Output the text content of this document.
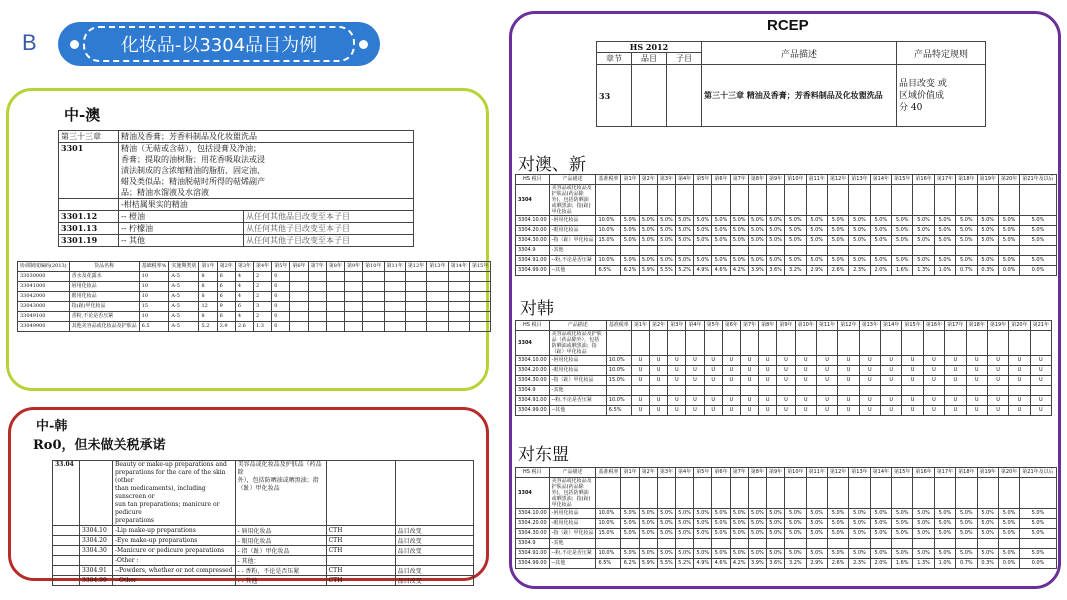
B	化妆品-以3304品目为例
中-澳
第三十三章	精油及香膏；芳香料制品及化妆盥洗品	
3301	精油（无萜或含萜），包括浸膏及净油；
香膏；提取的油树脂；用花香吸取法或浸
渍法制成的含浓缩精油的脂肪、固定油、
蜡及类似品；精油脱萜时所得的萜烯副产
品；精油水馏液及水溶液	
	-柑桔属果实的精油	
3301.12	-- 橙油	从任何其他品目改变至本子目
3301.13	-- 柠檬油	从任何其他子目改变至本子目
3301.19	-- 其他	从任何其他子目改变至本子目
协调制度编码(2013)	货品名称	基础税率%	实施期类别	第1年	第2年	第3年	第4年	第5年	第6年	第7年	第8年	第9年	第10年	第11年	第12年	第13年	第14年	第15年
33030000	香水及花露水	10	A-5	8	6	4	2	0										
33041000	唇用化妆品	10	A-5	8	6	4	2	0										
33042000	眼用化妆品	10	A-5	8	6	4	2	0										
33043000	指(趾)甲化妆品	15	A-5	12	9	6	3	0										
33049100	香粉,不论是否压紧	10	A-5	8	6	4	2	0										
33049900	其他美容品或化妆品及护肤品	6.5	A-5	5.2	3.9	2.6	1.3	0										
中-韩
Ro0，但未做关税承诺
33.04		Beauty or make-up preparations and
preparations for the care of the skin (other
than medicaments), including sunscreen or
sun tan preparations; manicure or pedicure
preparations	美容品或化妆品及护肤品（药品除
外），包括防晒油或晒黑油；指
（趾）甲化妆品		
	3304.10	-Lip make-up preparations	- 唇用化妆品	CTH	品目改变
	3304.20	-Eye make-up preparations	- 眼用化妆品	CTH	品目改变
	3304.30	-Manicure or pedicure preparations	- 指（趾）甲化妆品	CTH	品目改变
		-Other :	- 其他：		
	3304.91	--Powders, whether or not compressed	- - 香粉，不论是否压紧	CTH	品目改变
	3304.99	--Other	- - 其他	CTH	品目改变
RCEP
HS 2012			产品描述	产品特定规则
章节	品目	子目		
33			第三十三章 精油及香膏；芳香料制品及化妆盥洗品	品目改变 或
区域价值成
分 40
对澳、新
HS 税目	产品描述	基准税率	第1年	第2年	第3年	第4年	第5年	第6年	第7年	第8年	第9年	第10年	第11年	第12年	第13年	第14年	第15年	第16年	第17年	第18年	第19年	第20年	第21年及以后
3304	美容品或化妆品及护肤品(药品除外)，包括防晒油或晒黑油；指(趾)甲化妆品																						
3304.10.00	-唇用化妆品	10.0%	5.0%	5.0%	5.0%	5.0%	5.0%	5.0%	5.0%	5.0%	5.0%	5.0%	5.0%	5.0%	5.0%	5.0%	5.0%	5.0%	5.0%	5.0%	5.0%	5.0%	5.0%
3304.20.00	-眼用化妆品	10.0%	5.0%	5.0%	5.0%	5.0%	5.0%	5.0%	5.0%	5.0%	5.0%	5.0%	5.0%	5.0%	5.0%	5.0%	5.0%	5.0%	5.0%	5.0%	5.0%	5.0%	5.0%
3304.30.00	-指（趾）甲化妆品	15.0%	5.0%	5.0%	5.0%	5.0%	5.0%	5.0%	5.0%	5.0%	5.0%	5.0%	5.0%	5.0%	5.0%	5.0%	5.0%	5.0%	5.0%	5.0%	5.0%	5.0%	5.0%
3304.9	-其他																						
3304.91.00	--粉,不论是否压紧	10.0%	5.0%	5.0%	5.0%	5.0%	5.0%	5.0%	5.0%	5.0%	5.0%	5.0%	5.0%	5.0%	5.0%	5.0%	5.0%	5.0%	5.0%	5.0%	5.0%	5.0%	5.0%
3304.99.00	--其他	6.5%	6.2%	5.9%	5.5%	5.2%	4.9%	4.6%	4.2%	3.9%	3.6%	3.2%	2.9%	2.6%	2.3%	2.0%	1.6%	1.3%	1.0%	0.7%	0.3%	0.0%	0.0%
对韩
HS 税目	产品描述	基准税率	第1年	第2年	第3年	第4年	第5年	第6年	第7年	第8年	第9年	第10年	第11年	第12年	第13年	第14年	第15年	第16年	第17年	第18年	第19年	第20年	第21年
3304	美容品或化妆品及护肤品（药品除外），包括防晒油或晒黑油；指（趾）甲化妆品																						
3304.10.00	-唇用化妆品	10.0%	U	U	U	U	U	U	U	U	U	U	U	U	U	U	U	U	U	U	U	U	U
3304.20.00	-眼用化妆品	10.0%	U	U	U	U	U	U	U	U	U	U	U	U	U	U	U	U	U	U	U	U	U
3304.30.00	-指（趾）甲化妆品	15.0%	U	U	U	U	U	U	U	U	U	U	U	U	U	U	U	U	U	U	U	U	U
3304.9	-其他																						
3304.91.00	--粉,不论是否压紧	10.0%	U	U	U	U	U	U	U	U	U	U	U	U	U	U	U	U	U	U	U	U	U
3304.99.00	--其他	6.5%	U	U	U	U	U	U	U	U	U	U	U	U	U	U	U	U	U	U	U	U	U
对东盟
HS 税目	产品描述	基准税率	第1年	第2年	第3年	第4年	第5年	第6年	第7年	第8年	第9年	第10年	第11年	第12年	第13年	第14年	第15年	第16年	第17年	第18年	第19年	第20年	第21年及以后
3304	美容品或化妆品及护肤品(药品除外)，包括防晒油或晒黑油；指(趾)甲化妆品																						
3304.10.00	-唇用化妆品	10.0%	5.0%	5.0%	5.0%	5.0%	5.0%	5.0%	5.0%	5.0%	5.0%	5.0%	5.0%	5.0%	5.0%	5.0%	5.0%	5.0%	5.0%	5.0%	5.0%	5.0%	5.0%
3304.20.00	-眼用化妆品	10.0%	5.0%	5.0%	5.0%	5.0%	5.0%	5.0%	5.0%	5.0%	5.0%	5.0%	5.0%	5.0%	5.0%	5.0%	5.0%	5.0%	5.0%	5.0%	5.0%	5.0%	5.0%
3304.30.00	-指（趾）甲化妆品	15.0%	5.0%	5.0%	5.0%	5.0%	5.0%	5.0%	5.0%	5.0%	5.0%	5.0%	5.0%	5.0%	5.0%	5.0%	5.0%	5.0%	5.0%	5.0%	5.0%	5.0%	5.0%
3304.9	-其他																						
3304.91.00	--粉,不论是否压紧	10.0%	5.0%	5.0%	5.0%	5.0%	5.0%	5.0%	5.0%	5.0%	5.0%	5.0%	5.0%	5.0%	5.0%	5.0%	5.0%	5.0%	5.0%	5.0%	5.0%	5.0%	5.0%
3304.99.00	--其他	6.5%	6.2%	5.9%	5.5%	5.2%	4.9%	4.6%	4.2%	3.9%	3.6%	3.2%	2.9%	2.6%	2.3%	2.0%	1.6%	1.3%	1.0%	0.7%	0.3%	0.0%	0.0%
